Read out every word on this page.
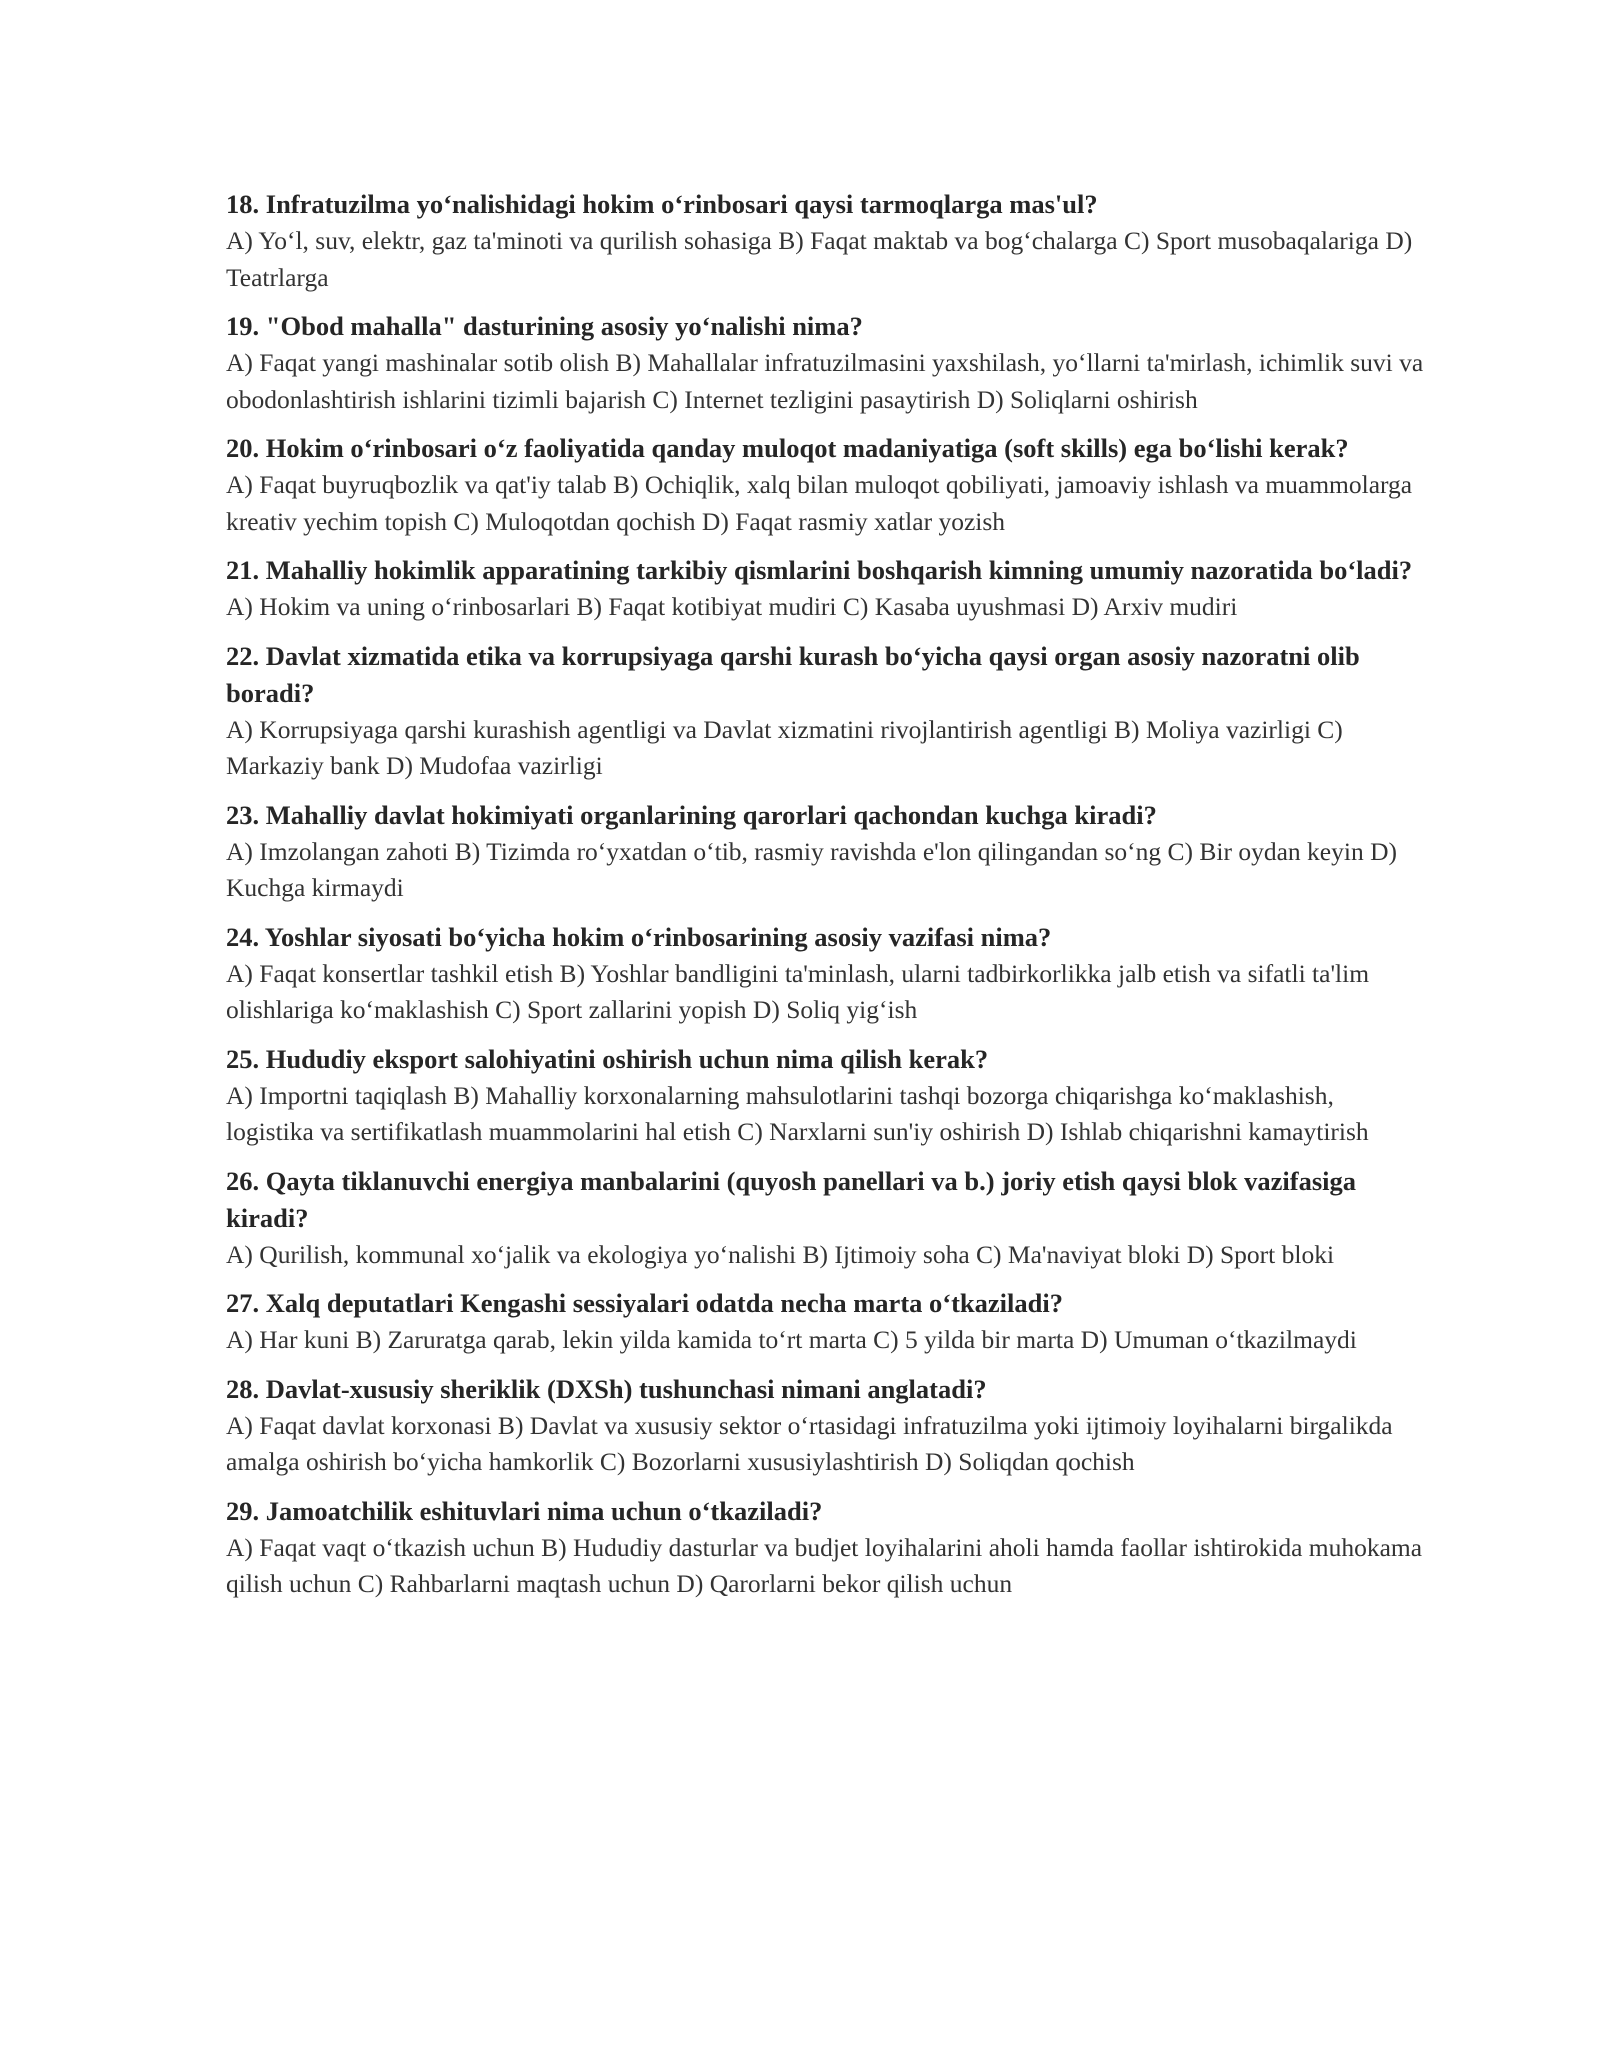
18. Infratuzilma yo‘nalishidagi hokim o‘rinbosari qaysi tarmoqlarga mas'ul?

A) Yo‘l, suv, elektr, gaz ta'minoti va qurilish sohasiga B) Faqat maktab va bog‘chalarga C) Sport musobaqalariga D) Teatrlarga

19. "Obod mahalla" dasturining asosiy yo‘nalishi nima?

A) Faqat yangi mashinalar sotib olish B) Mahallalar infratuzilmasini yaxshilash, yo‘llarni ta'mirlash, ichimlik suvi va obodonlashtirish ishlarini tizimli bajarish C) Internet tezligini pasaytirish D) Soliqlarni oshirish

20. Hokim o‘rinbosari o‘z faoliyatida qanday muloqot madaniyatiga (soft skills) ega bo‘lishi kerak?

A) Faqat buyruqbozlik va qat'iy talab B) Ochiqlik, xalq bilan muloqot qobiliyati, jamoaviy ishlash va muammolarga kreativ yechim topish C) Muloqotdan qochish D) Faqat rasmiy xatlar yozish

21. Mahalliy hokimlik apparatining tarkibiy qismlarini boshqarish kimning umumiy nazoratida bo‘ladi?

A) Hokim va uning o‘rinbosarlari B) Faqat kotibiyat mudiri C) Kasaba uyushmasi D) Arxiv mudiri

22. Davlat xizmatida etika va korrupsiyaga qarshi kurash bo‘yicha qaysi organ asosiy nazoratni olib boradi?

A) Korrupsiyaga qarshi kurashish agentligi va Davlat xizmatini rivojlantirish agentligi B) Moliya vazirligi C) Markaziy bank D) Mudofaa vazirligi

23. Mahalliy davlat hokimiyati organlarining qarorlari qachondan kuchga kiradi?

A) Imzolangan zahoti B) Tizimda ro‘yxatdan o‘tib, rasmiy ravishda e'lon qilingandan so‘ng C) Bir oydan keyin D) Kuchga kirmaydi

24. Yoshlar siyosati bo‘yicha hokim o‘rinbosarining asosiy vazifasi nima?

A) Faqat konsertlar tashkil etish B) Yoshlar bandligini ta'minlash, ularni tadbirkorlikka jalb etish va sifatli ta'lim olishlariga ko‘maklashish C) Sport zallarini yopish D) Soliq yig‘ish

25. Hududiy eksport salohiyatini oshirish uchun nima qilish kerak?

A) Importni taqiqlash B) Mahalliy korxonalarning mahsulotlarini tashqi bozorga chiqarishga ko‘maklashish, logistika va sertifikatlash muammolarini hal etish C) Narxlarni sun'iy oshirish D) Ishlab chiqarishni kamaytirish

26. Qayta tiklanuvchi energiya manbalarini (quyosh panellari va b.) joriy etish qaysi blok vazifasiga kiradi?

A) Qurilish, kommunal xo‘jalik va ekologiya yo‘nalishi B) Ijtimoiy soha C) Ma'naviyat bloki D) Sport bloki

27. Xalq deputatlari Kengashi sessiyalari odatda necha marta o‘tkaziladi?

A) Har kuni B) Zaruratga qarab, lekin yilda kamida to‘rt marta C) 5 yilda bir marta D) Umuman o‘tkazilmaydi

28. Davlat-xususiy sheriklik (DXSh) tushunchasi nimani anglatadi?

A) Faqat davlat korxonasi B) Davlat va xususiy sektor o‘rtasidagi infratuzilma yoki ijtimoiy loyihalarni birgalikda amalga oshirish bo‘yicha hamkorlik C) Bozorlarni xususiylashtirish D) Soliqdan qochish

29. Jamoatchilik eshituvlari nima uchun o‘tkaziladi?

A) Faqat vaqt o‘tkazish uchun B) Hududiy dasturlar va budjet loyihalarini aholi hamda faollar ishtirokida muhokama qilish uchun C) Rahbarlarni maqtash uchun D) Qarorlarni bekor qilish uchun
